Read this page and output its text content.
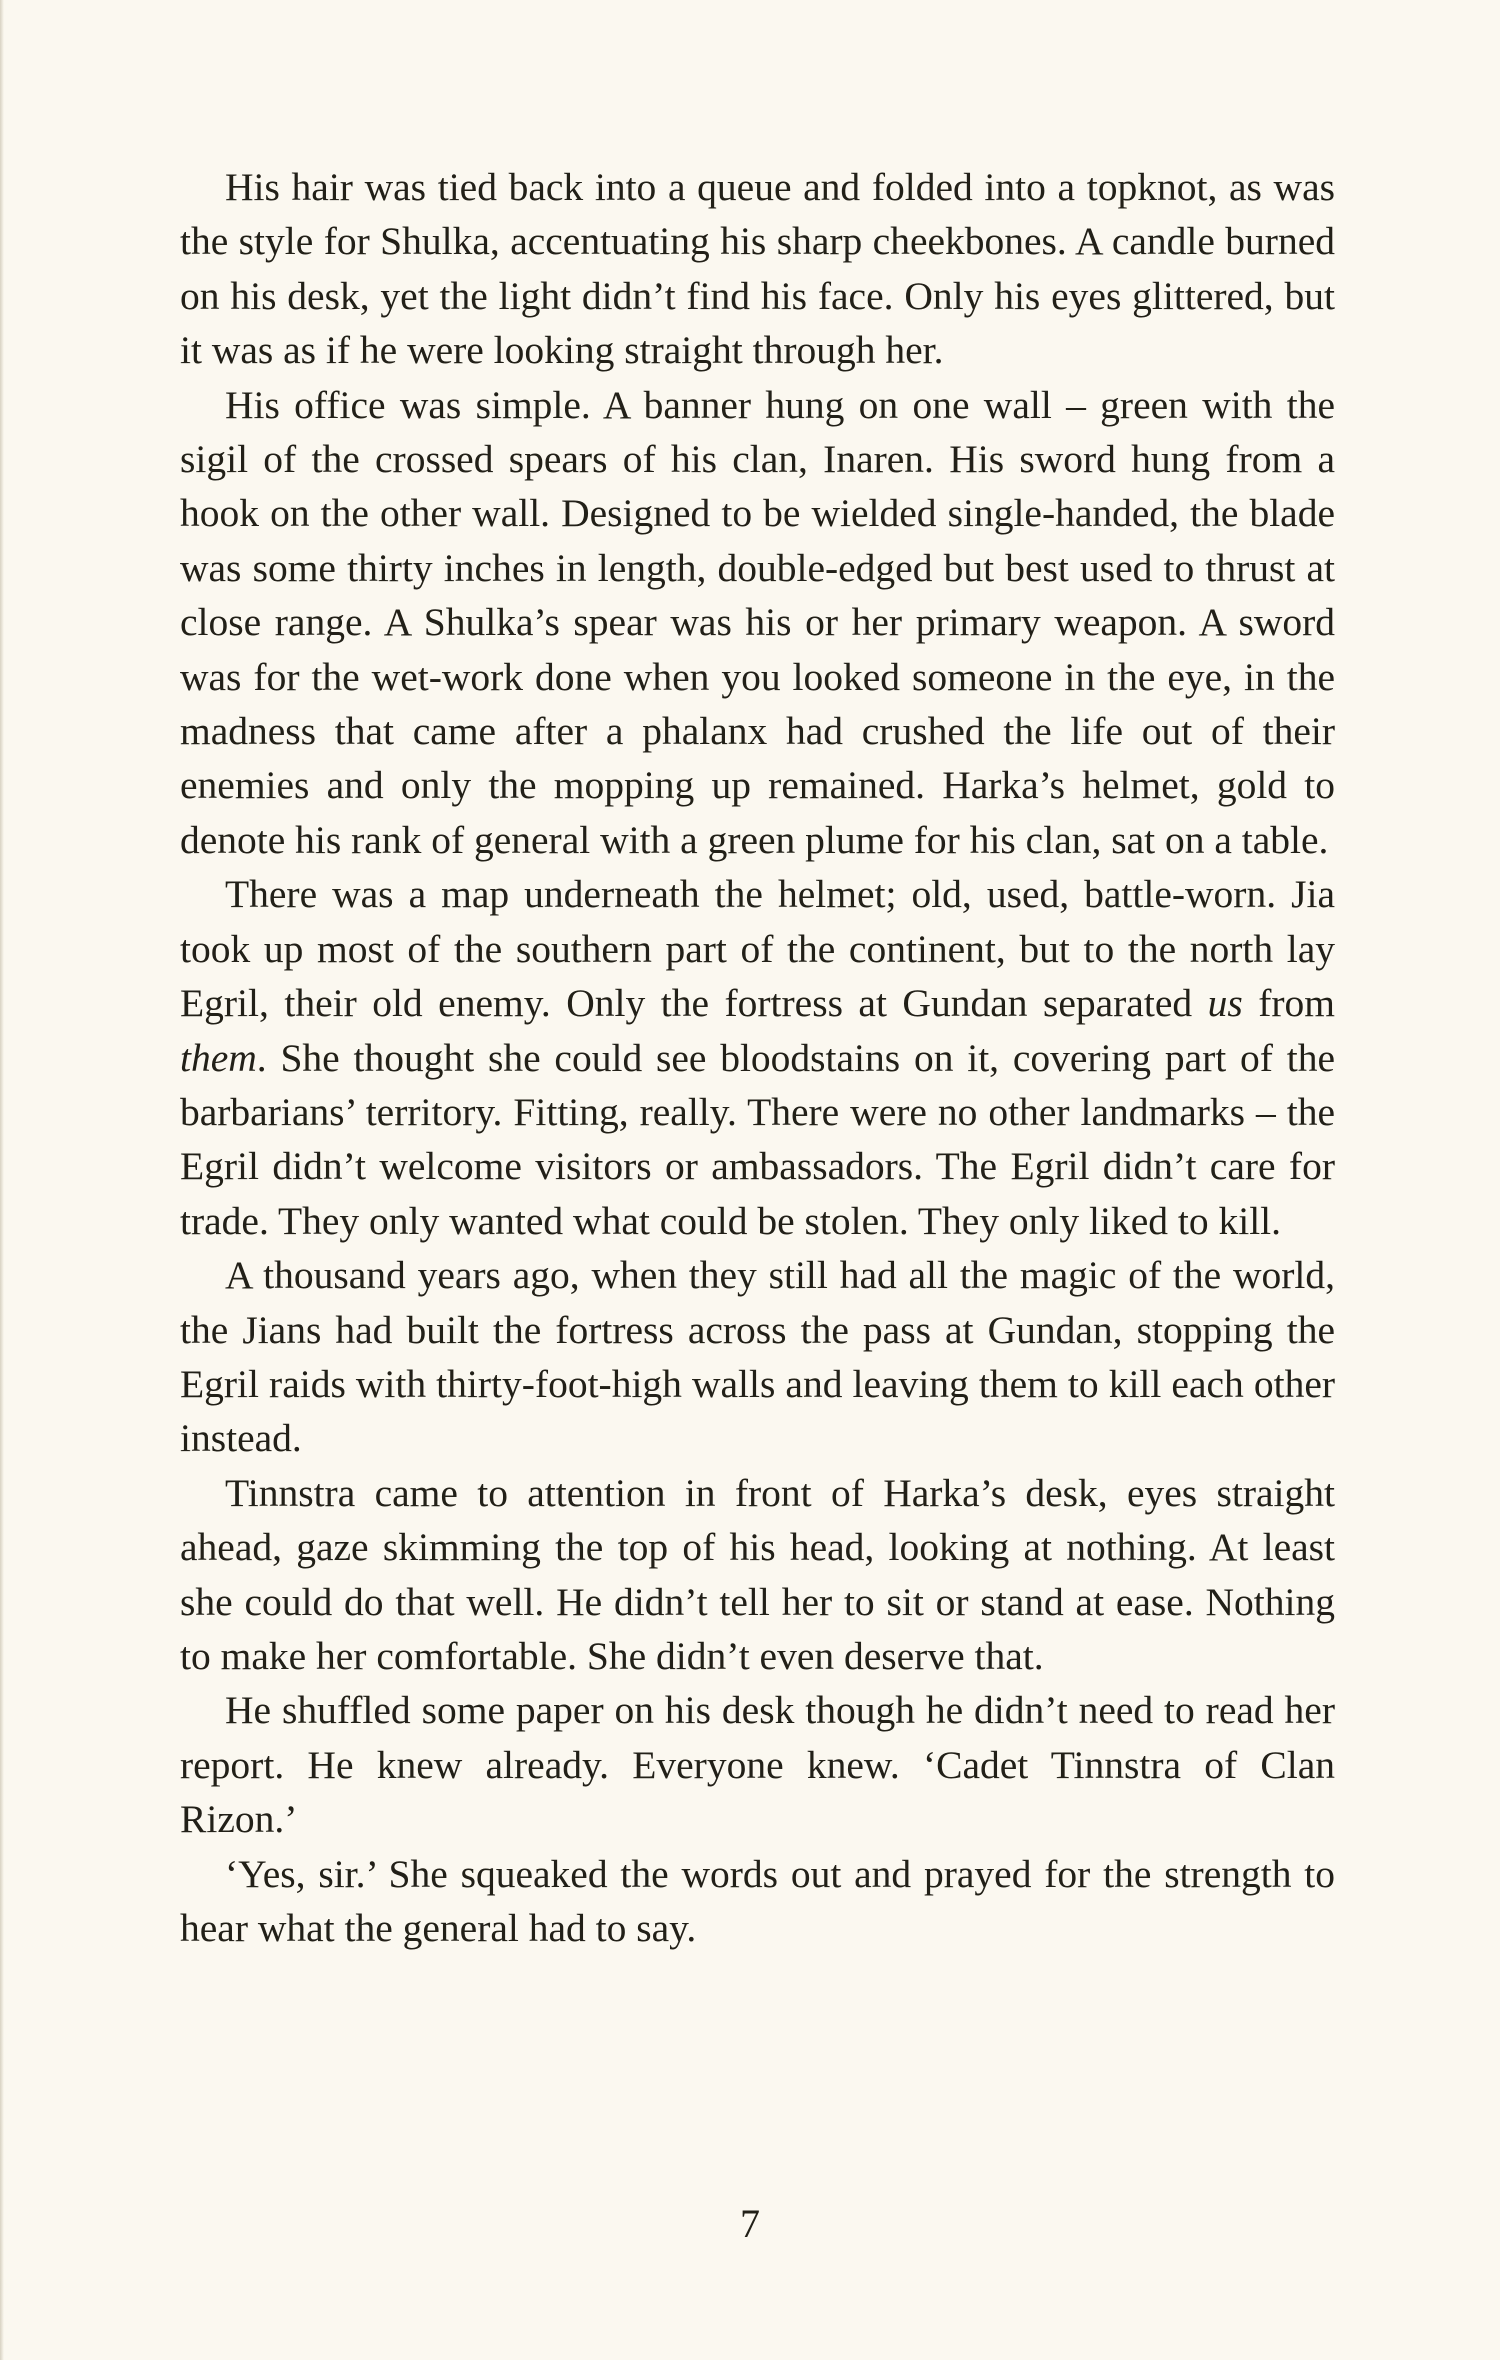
His hair was tied back into a queue and folded into a topknot, as was the style for Shulka, accentuating his sharp cheekbones. A candle burned on his desk, yet the light didn’t find his face. Only his eyes glittered, but it was as if he were looking straight through her.

His office was simple. A banner hung on one wall – green with the sigil of the crossed spears of his clan, Inaren. His sword hung from a hook on the other wall. Designed to be wielded single-handed, the blade was some thirty inches in length, double-edged but best used to thrust at close range. A Shulka’s spear was his or her primary weapon. A sword was for the wet-work done when you looked someone in the eye, in the madness that came after a phalanx had crushed the life out of their enemies and only the mopping up remained. Harka’s helmet, gold to denote his rank of general with a green plume for his clan, sat on a table.

There was a map underneath the helmet; old, used, battle-worn. Jia took up most of the southern part of the continent, but to the north lay Egril, their old enemy. Only the fortress at Gundan separated us from them. She thought she could see bloodstains on it, covering part of the barbarians’ territory. Fitting, really. There were no other landmarks – the Egril didn’t welcome visitors or ambassadors. The Egril didn’t care for trade. They only wanted what could be stolen. They only liked to kill.

A thousand years ago, when they still had all the magic of the world, the Jians had built the fortress across the pass at Gundan, stopping the Egril raids with thirty-foot-high walls and leaving them to kill each other instead.

Tinnstra came to attention in front of Harka’s desk, eyes straight ahead, gaze skimming the top of his head, looking at nothing. At least she could do that well. He didn’t tell her to sit or stand at ease. Nothing to make her comfortable. She didn’t even deserve that.

He shuffled some paper on his desk though he didn’t need to read her report. He knew already. Everyone knew. ‘Cadet Tinnstra of Clan Rizon.’

‘Yes, sir.’ She squeaked the words out and prayed for the strength to hear what the general had to say.

7
